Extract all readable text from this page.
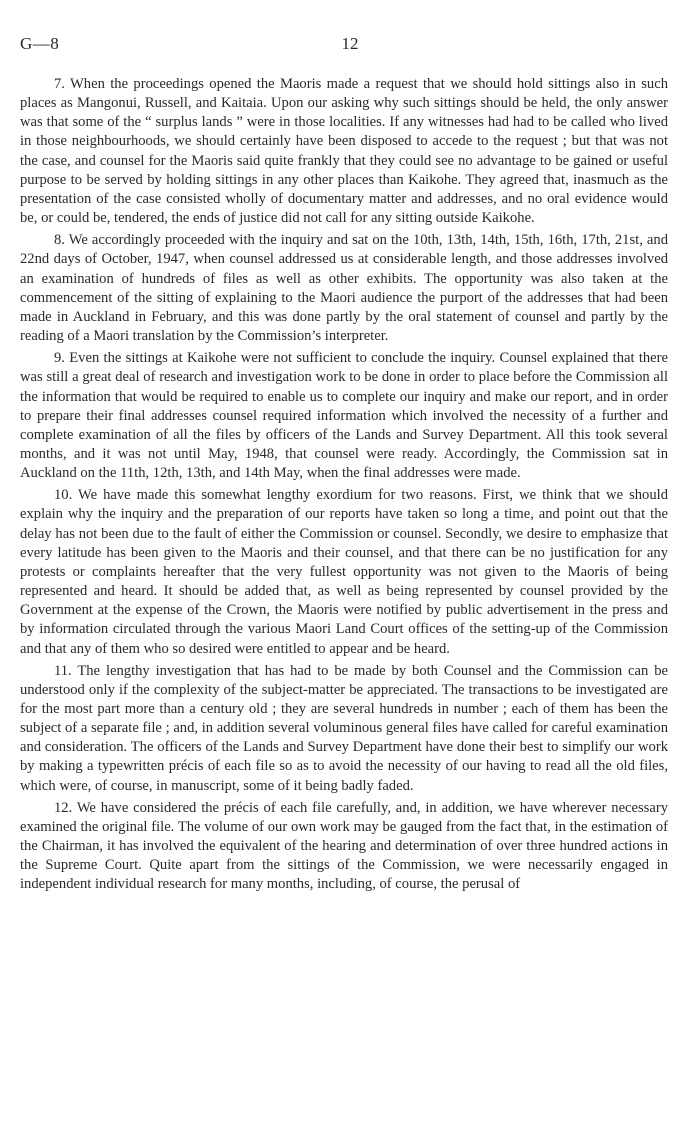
G—8	12

7. When the proceedings opened the Maoris made a request that we should hold sittings also in such places as Mangonui, Russell, and Kaitaia. Upon our asking why such sittings should be held, the only answer was that some of the “ surplus lands ” were in those localities. If any witnesses had had to be called who lived in those neighbourhoods, we should certainly have been disposed to accede to the request ; but that was not the case, and counsel for the Maoris said quite frankly that they could see no advantage to be gained or useful purpose to be served by holding sittings in any other places than Kaikohe. They agreed that, inasmuch as the presentation of the case consisted wholly of documentary matter and addresses, and no oral evidence would be, or could be, tendered, the ends of justice did not call for any sitting outside Kaikohe.

8. We accordingly proceeded with the inquiry and sat on the 10th, 13th, 14th, 15th, 16th, 17th, 21st, and 22nd days of October, 1947, when counsel addressed us at considerable length, and those addresses involved an examination of hundreds of files as well as other exhibits. The opportunity was also taken at the commencement of the sitting of explaining to the Maori audience the purport of the addresses that had been made in Auckland in February, and this was done partly by the oral statement of counsel and partly by the reading of a Maori translation by the Commission’s interpreter.

9. Even the sittings at Kaikohe were not sufficient to conclude the inquiry. Counsel explained that there was still a great deal of research and investigation work to be done in order to place before the Commission all the information that would be required to enable us to complete our inquiry and make our report, and in order to prepare their final addresses counsel required information which involved the necessity of a further and complete examination of all the files by officers of the Lands and Survey Department. All this took several months, and it was not until May, 1948, that counsel were ready. Accordingly, the Commission sat in Auckland on the 11th, 12th, 13th, and 14th May, when the final addresses were made.

10. We have made this somewhat lengthy exordium for two reasons. First, we think that we should explain why the inquiry and the preparation of our reports have taken so long a time, and point out that the delay has not been due to the fault of either the Commission or counsel. Secondly, we desire to emphasize that every latitude has been given to the Maoris and their counsel, and that there can be no justification for any protests or complaints hereafter that the very fullest opportunity was not given to the Maoris of being represented and heard. It should be added that, as well as being represented by counsel provided by the Government at the expense of the Crown, the Maoris were notified by public advertisement in the press and by information circulated through the various Maori Land Court offices of the setting-up of the Commission and that any of them who so desired were entitled to appear and be heard.

11. The lengthy investigation that has had to be made by both Counsel and the Commission can be understood only if the complexity of the subject-matter be appreciated. The transactions to be investigated are for the most part more than a century old ; they are several hundreds in number ; each of them has been the subject of a separate file ; and, in addition several voluminous general files have called for careful examination and consideration. The officers of the Lands and Survey Department have done their best to simplify our work by making a typewritten précis of each file so as to avoid the necessity of our having to read all the old files, which were, of course, in manuscript, some of it being badly faded.

12. We have considered the précis of each file carefully, and, in addition, we have wherever necessary examined the original file. The volume of our own work may be gauged from the fact that, in the estimation of the Chairman, it has involved the equivalent of the hearing and determination of over three hundred actions in the Supreme Court. Quite apart from the sittings of the Commission, we were necessarily engaged in independent individual research for many months, including, of course, the perusal of
